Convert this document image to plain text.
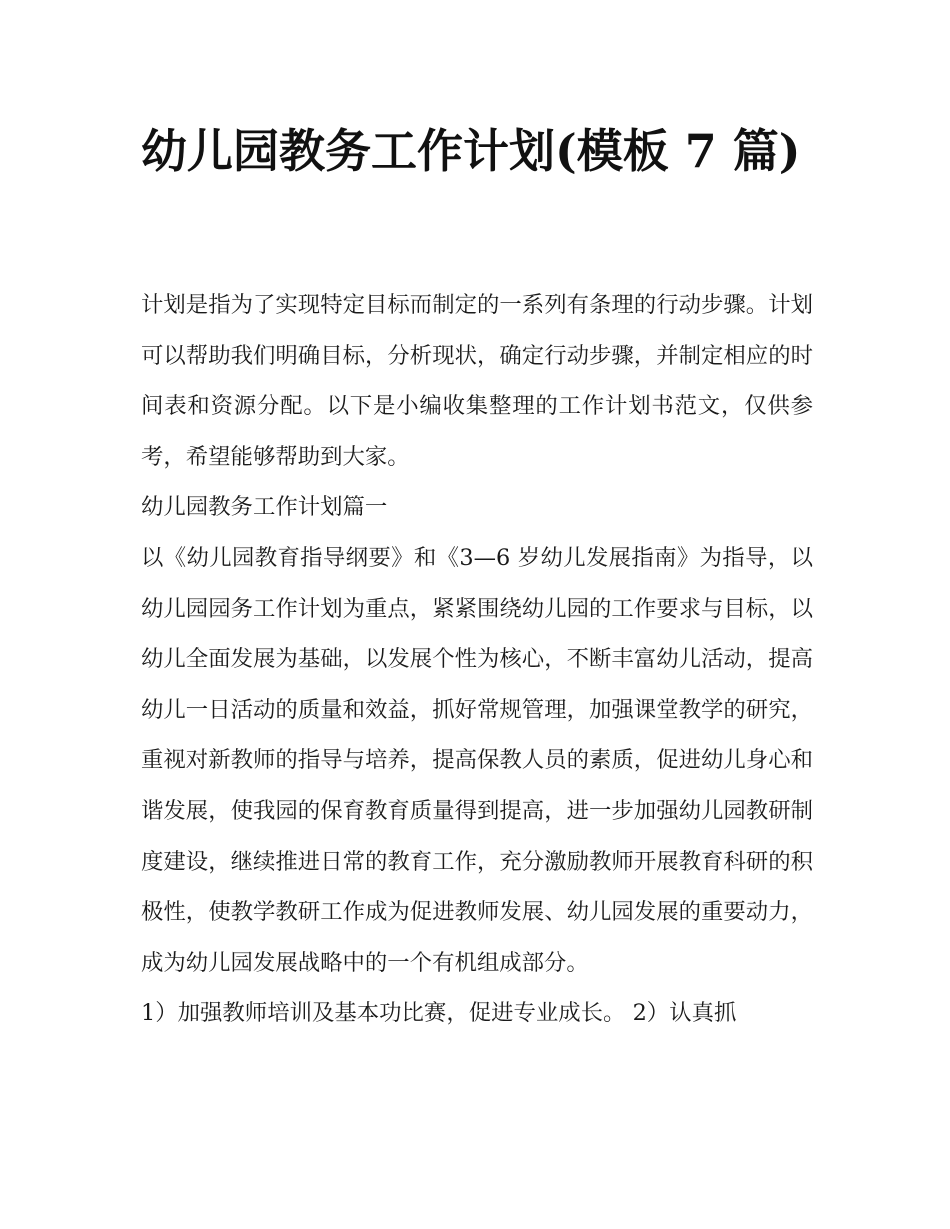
幼儿园教务工作计划(模板 7 篇)

计划是指为了实现特定目标而制定的一系列有条理的行动步骤。计划可以帮助我们明确目标，分析现状，确定行动步骤，并制定相应的时间表和资源分配。以下是小编收集整理的工作计划书范文，仅供参考，希望能够帮助到大家。

幼儿园教务工作计划篇一

以《幼儿园教育指导纲要》和《3—6 岁幼儿发展指南》为指导，以幼儿园园务工作计划为重点，紧紧围绕幼儿园的工作要求与目标，以幼儿全面发展为基础，以发展个性为核心，不断丰富幼儿活动，提高幼儿一日活动的质量和效益，抓好常规管理，加强课堂教学的研究，重视对新教师的指导与培养，提高保教人员的素质，促进幼儿身心和谐发展，使我园的保育教育质量得到提高，进一步加强幼儿园教研制度建设，继续推进日常的教育工作，充分激励教师开展教育科研的积极性，使教学教研工作成为促进教师发展、幼儿园发展的重要动力，成为幼儿园发展战略中的一个有机组成部分。

1）加强教师培训及基本功比赛，促进专业成长。 2）认真抓
